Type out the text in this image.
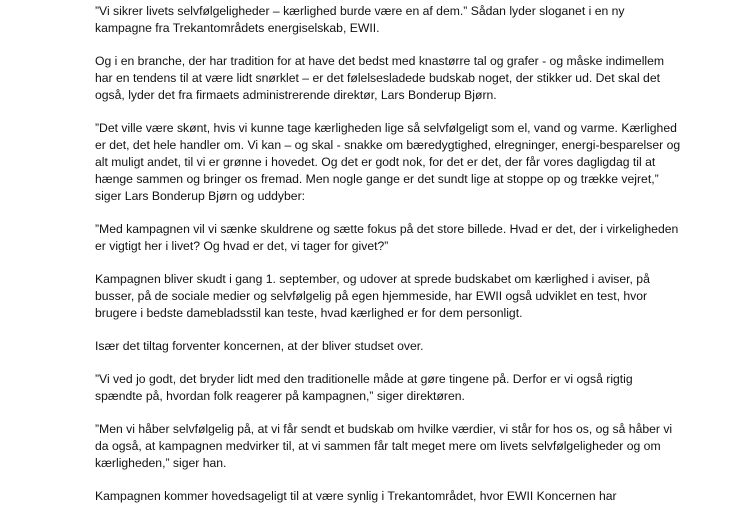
”Vi sikrer livets selvfølgeligheder – kærlighed burde være en af dem.” Sådan lyder sloganet i en ny
kampagne fra Trekantområdets energiselskab, EWII.

Og i en branche, der har tradition for at have det bedst med knastørre tal og grafer - og måske indimellem
har en tendens til at være lidt snørklet – er det følelsesladede budskab noget, der stikker ud. Det skal det
også, lyder det fra firmaets administrerende direktør, Lars Bonderup Bjørn.

”Det ville være skønt, hvis vi kunne tage kærligheden lige så selvfølgeligt som el, vand og varme. Kærlighed
er det, det hele handler om. Vi kan – og skal - snakke om bæredygtighed, elregninger, energi-besparelser og
alt muligt andet, til vi er grønne i hovedet. Og det er godt nok, for det er det, der får vores dagligdag til at
hænge sammen og bringer os fremad. Men nogle gange er det sundt lige at stoppe op og trække vejret,”
siger Lars Bonderup Bjørn og uddyber:

”Med kampagnen vil vi sænke skuldrene og sætte fokus på det store billede. Hvad er det, der i virkeligheden
er vigtigt her i livet? Og hvad er det, vi tager for givet?”

Kampagnen bliver skudt i gang 1. september, og udover at sprede budskabet om kærlighed i aviser, på
busser, på de sociale medier og selvfølgelig på egen hjemmeside, har EWII også udviklet en test, hvor
brugere i bedste damebladsstil kan teste, hvad kærlighed er for dem personligt.

Især det tiltag forventer koncernen, at der bliver studset over.

”Vi ved jo godt, det bryder lidt med den traditionelle måde at gøre tingene på. Derfor er vi også rigtig
spændte på, hvordan folk reagerer på kampagnen,” siger direktøren.

”Men vi håber selvfølgelig på, at vi får sendt et budskab om hvilke værdier, vi står for hos os, og så håber vi
da også, at kampagnen medvirker til, at vi sammen får talt meget mere om livets selvfølgeligheder og om
kærligheden,” siger han.

Kampagnen kommer hovedsageligt til at være synlig i Trekantområdet, hvor EWII Koncernen har
